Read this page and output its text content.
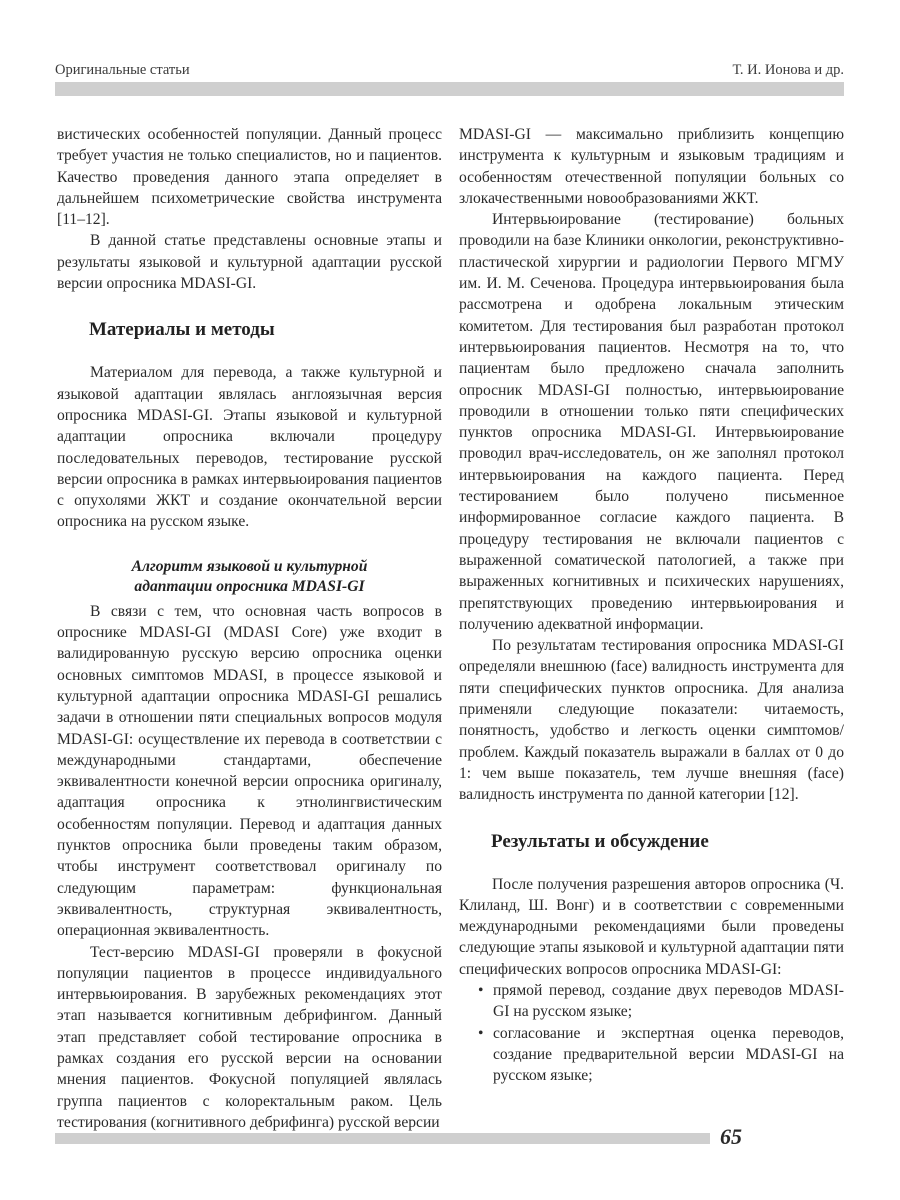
Оригинальные статьи	Т. И. Ионова и др.

вистических особенностей популяции. Данный процесс требует участия не только специалистов, но и пациентов. Качество проведения данного этапа определяет в дальнейшем психометрические свойства инструмента [11–12].

В данной статье представлены основные этапы и результаты языковой и культурной адаптации русской версии опросника MDASI-GI.

Материалы и методы

Материалом для перевода, а также культурной и языковой адаптации являлась англоязычная версия опросника MDASI-GI. Этапы языковой и культурной адаптации опросника включали процедуру последовательных переводов, тестирование русской версии опросника в рамках интервьюирования пациентов с опухолями ЖКТ и создание окончательной версии опросника на русском языке.

Алгоритм языковой и культурной
адаптации опросника MDASI-GI

В связи с тем, что основная часть вопросов в опроснике MDASI-GI (MDASI Core) уже входит в валидированную русскую версию опросника оценки основных симптомов MDASI, в процессе языковой и культурной адаптации опросника MDASI-GI решались задачи в отношении пяти специальных вопросов модуля MDASI-GI: осуществление их перевода в соответствии с международными стандартами, обеспечение эквивалентности конечной версии опросника оригиналу, адаптация опросника к этнолингвистическим особенностям популяции. Перевод и адаптация данных пунктов опросника были проведены таким образом, чтобы инструмент соответствовал оригиналу по следующим параметрам: функциональная эквивалентность, структурная эквивалентность, операционная эквивалентность.

Тест-версию MDASI-GI проверяли в фокусной популяции пациентов в процессе индивидуального интервьюирования. В зарубежных рекомендациях этот этап называется когнитивным дебрифингом. Данный этап представляет собой тестирование опросника в рамках создания его русской версии на основании мнения пациентов. Фокусной популяцией являлась группа пациентов с колоректальным раком. Цель тестирования (когнитивного дебрифинга) русской версии

MDASI-GI — максимально приблизить концепцию инструмента к культурным и языковым традициям и особенностям отечественной популяции больных со злокачественными новообразованиями ЖКТ.

Интервьюирование (тестирование) больных проводили на базе Клиники онкологии, реконструктивно-пластической хирургии и радиологии Первого МГМУ им. И. М. Сеченова. Процедура интервьюирования была рассмотрена и одобрена локальным этическим комитетом. Для тестирования был разработан протокол интервьюирования пациентов. Несмотря на то, что пациентам было предложено сначала заполнить опросник MDASI-GI полностью, интервьюирование проводили в отношении только пяти специфических пунктов опросника MDASI-GI. Интервьюирование проводил врач-исследователь, он же заполнял протокол интервьюирования на каждого пациента. Перед тестированием было получено письменное информированное согласие каждого пациента. В процедуру тестирования не включали пациентов с выраженной соматической патологией, а также при выраженных когнитивных и психических нарушениях, препятствующих проведению интервьюирования и получению адекватной информации.

По результатам тестирования опросника MDASI-GI определяли внешнюю (face) валидность инструмента для пяти специфических пунктов опросника. Для анализа применяли следующие показатели: читаемость, понятность, удобство и легкость оценки симптомов/проблем. Каждый показатель выражали в баллах от 0 до 1: чем выше показатель, тем лучше внешняя (face) валидность инструмента по данной категории [12].

Результаты и обсуждение

После получения разрешения авторов опросника (Ч. Клиланд, Ш. Вонг) и в соответствии с современными международными рекомендациями были проведены следующие этапы языковой и культурной адаптации пяти специфических вопросов опросника MDASI-GI:

• прямой перевод, создание двух переводов MDASI-GI на русском языке;
• согласование и экспертная оценка переводов, создание предварительной версии MDASI-GI на русском языке;
65
